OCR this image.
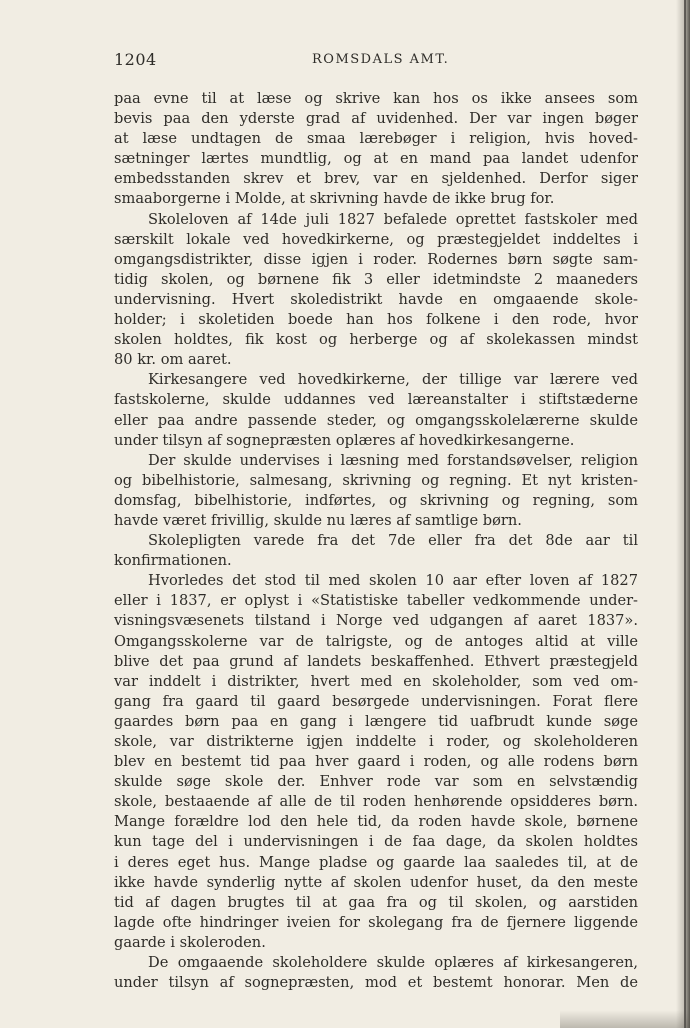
1204	ROMSDALS AMT.
paa evne til at læse og skrive kan hos os ikke ansees som
bevis paa den yderste grad af uvidenhed. Der var ingen bøger
at læse undtagen de smaa lærebøger i religion, hvis hoved-
sætninger lærtes mundtlig, og at en mand paa landet udenfor
embedsstanden skrev et brev, var en sjeldenhed. Derfor siger
smaaborgerne i Molde, at skrivning havde de ikke brug for.
Skoleloven af 14de juli 1827 befalede oprettet fastskoler med
særskilt lokale ved hovedkirkerne, og præstegjeldet inddeltes i
omgangsdistrikter, disse igjen i roder. Rodernes børn søgte sam-
tidig skolen, og børnene fik 3 eller idetmindste 2 maaneders
undervisning. Hvert skoledistrikt havde en omgaaende skole-
holder; i skoletiden boede han hos folkene i den rode, hvor
skolen holdtes, fik kost og herberge og af skolekassen mindst
80 kr. om aaret.
Kirkesangere ved hovedkirkerne, der tillige var lærere ved
fastskolerne, skulde uddannes ved læreanstalter i stiftstæderne
eller paa andre passende steder, og omgangsskolelærerne skulde
under tilsyn af sognepræsten oplæres af hovedkirkesangerne.
Der skulde undervises i læsning med forstandsøvelser, religion
og bibelhistorie, salmesang, skrivning og regning. Et nyt kristen-
domsfag, bibelhistorie, indførtes, og skrivning og regning, som
havde været frivillig, skulde nu læres af samtlige børn.
Skolepligten varede fra det 7de eller fra det 8de aar til
konfirmationen.
Hvorledes det stod til med skolen 10 aar efter loven af 1827
eller i 1837, er oplyst i «Statistiske tabeller vedkommende under-
visningsvæsenets tilstand i Norge ved udgangen af aaret 1837».
Omgangsskolerne var de talrigste, og de antoges altid at ville
blive det paa grund af landets beskaffenhed. Ethvert præstegjeld
var inddelt i distrikter, hvert med en skoleholder, som ved om-
gang fra gaard til gaard besørgede undervisningen. Forat flere
gaardes børn paa en gang i længere tid uafbrudt kunde søge
skole, var distrikterne igjen inddelte i roder, og skoleholderen
blev en bestemt tid paa hver gaard i roden, og alle rodens børn
skulde søge skole der. Enhver rode var som en selvstændig
skole, bestaaende af alle de til roden henhørende opsidderes børn.
Mange forældre lod den hele tid, da roden havde skole, børnene
kun tage del i undervisningen i de faa dage, da skolen holdtes
i deres eget hus. Mange pladse og gaarde laa saaledes til, at de
ikke havde synderlig nytte af skolen udenfor huset, da den meste
tid af dagen brugtes til at gaa fra og til skolen, og aarstiden
lagde ofte hindringer iveien for skolegang fra de fjernere liggende
gaarde i skoleroden.
De omgaaende skoleholdere skulde oplæres af kirkesangeren,
under tilsyn af sognepræsten, mod et bestemt honorar. Men de
